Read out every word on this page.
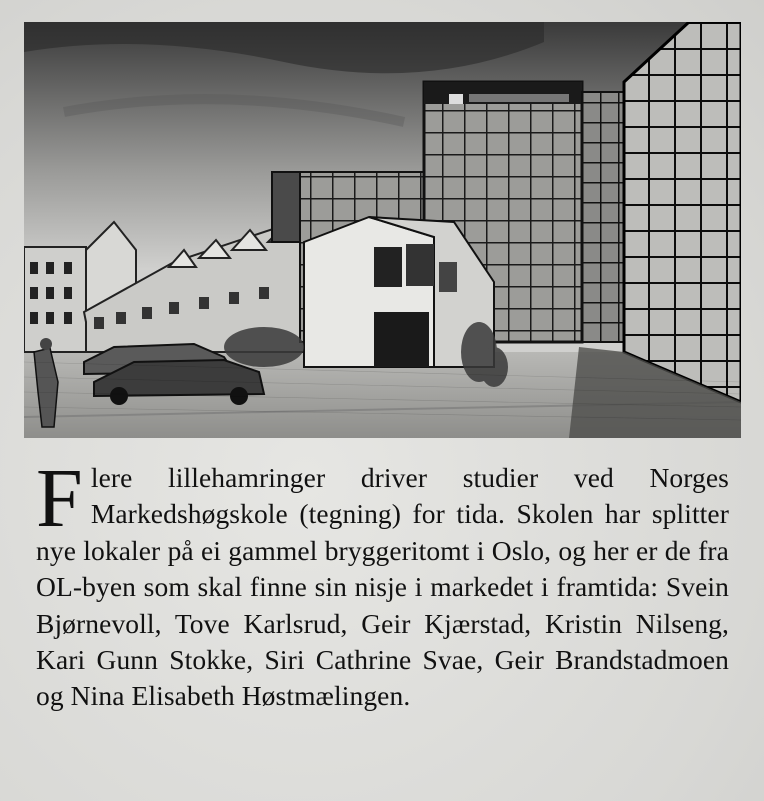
Flere lillehamringer driver studier ved Norges Markedshøgskole (tegning) for tida. Skolen har splitter nye lokaler på ei gammel bryggeritomt i Oslo, og her er de fra OL-byen som skal finne sin nisje i markedet i framtida: Svein Bjørnevoll, Tove Karlsrud, Geir Kjærstad, Kristin Nilseng, Kari Gunn Stokke, Siri Cathrine Svae, Geir Brandstadmoen og Nina Elisabeth Høstmælingen.
